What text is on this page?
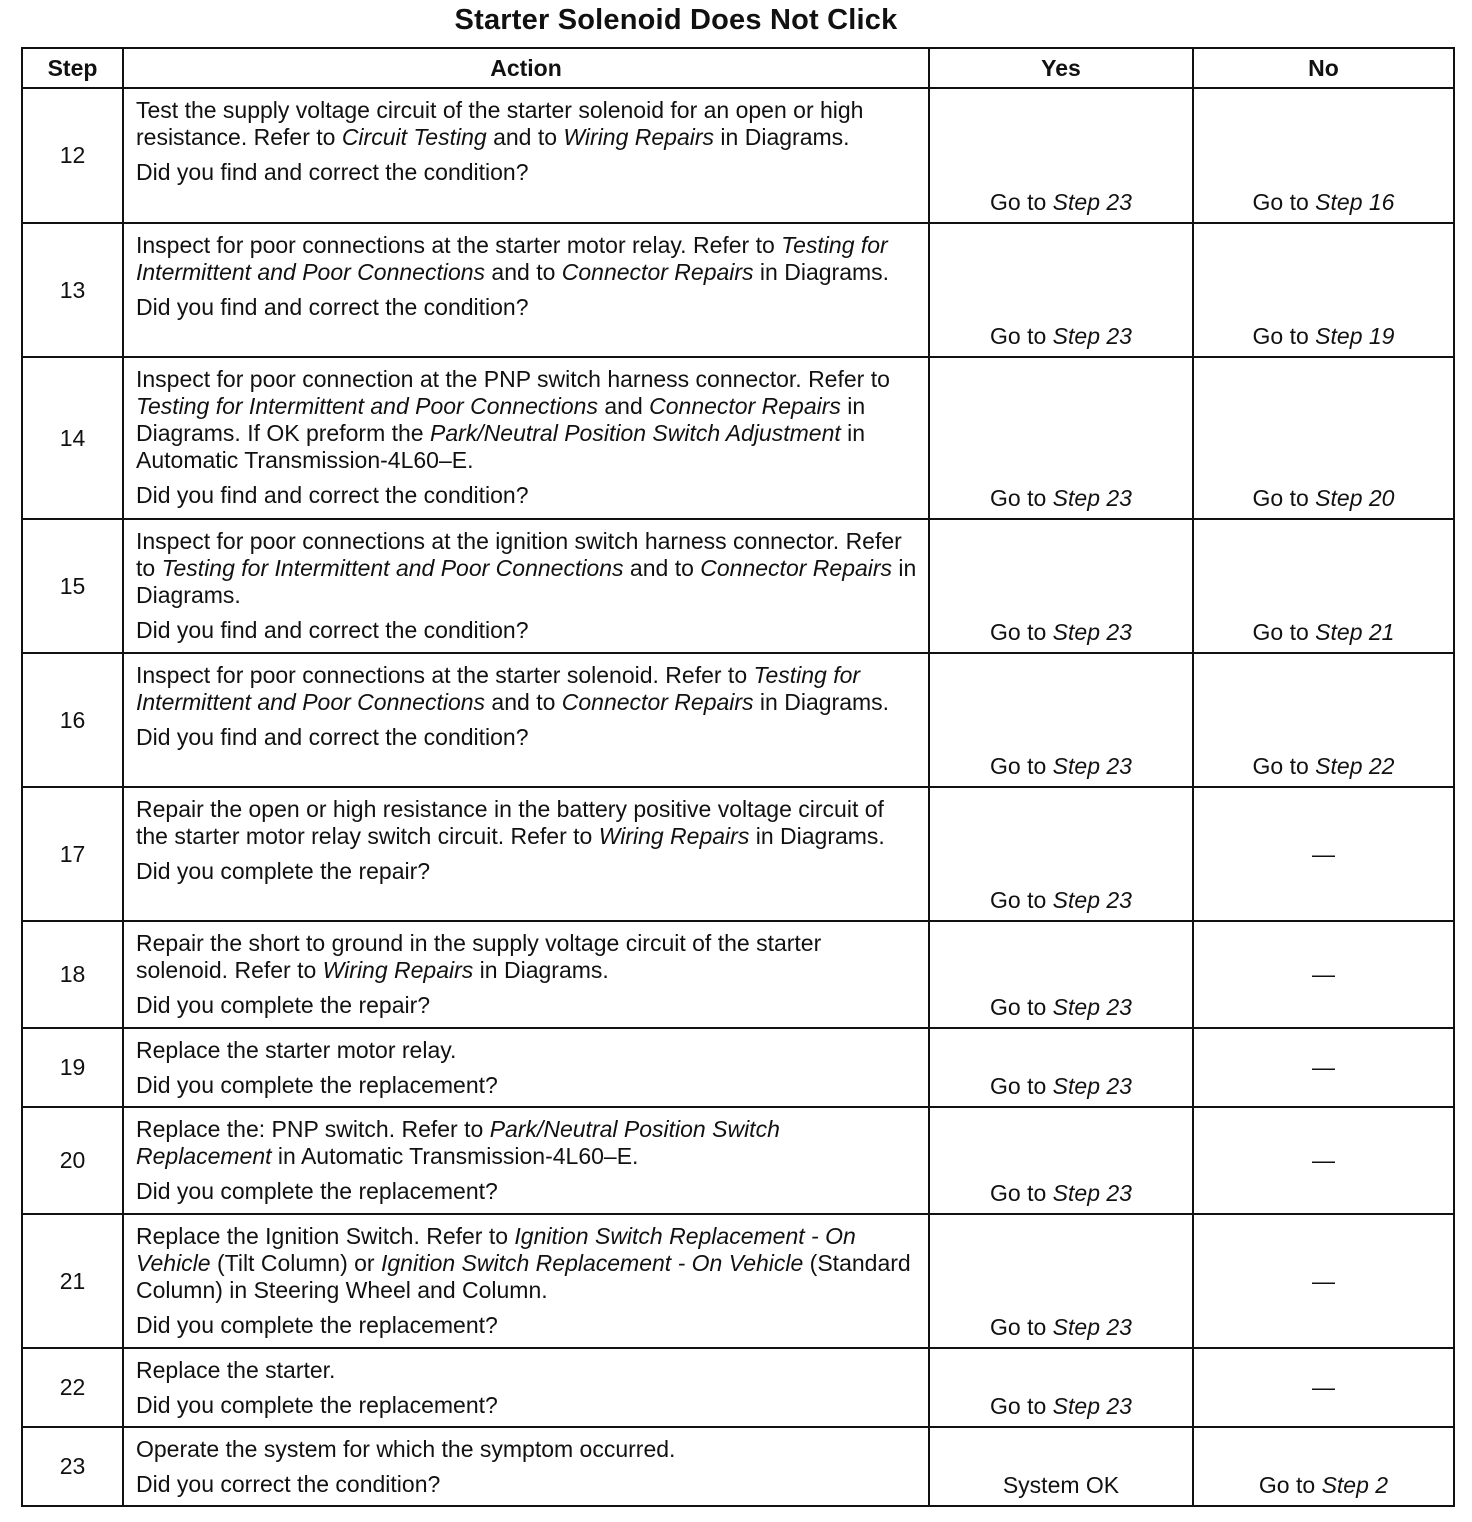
Starter Solenoid Does Not Click
Step	Action	Yes	No
12	Test the supply voltage circuit of the starter solenoid for an open or high resistance. Refer to Circuit Testing and to Wiring Repairs in Diagrams.
Did you find and correct the condition?	Go to Step 23	Go to Step 16
13	Inspect for poor connections at the starter motor relay. Refer to Testing for Intermittent and Poor Connections and to Connector Repairs in Diagrams.
Did you find and correct the condition?	Go to Step 23	Go to Step 19
14	Inspect for poor connection at the PNP switch harness connector. Refer to Testing for Intermittent and Poor Connections and Connector Repairs in Diagrams. If OK preform the Park/Neutral Position Switch Adjustment in Automatic Transmission-4L60–E.
Did you find and correct the condition?	Go to Step 23	Go to Step 20
15	Inspect for poor connections at the ignition switch harness connector. Refer to Testing for Intermittent and Poor Connections and to Connector Repairs in Diagrams.
Did you find and correct the condition?	Go to Step 23	Go to Step 21
16	Inspect for poor connections at the starter solenoid. Refer to Testing for Intermittent and Poor Connections and to Connector Repairs in Diagrams.
Did you find and correct the condition?	Go to Step 23	Go to Step 22
17	Repair the open or high resistance in the battery positive voltage circuit of the starter motor relay switch circuit. Refer to Wiring Repairs in Diagrams.
Did you complete the repair?	Go to Step 23	—
18	Repair the short to ground in the supply voltage circuit of the starter solenoid. Refer to Wiring Repairs in Diagrams.
Did you complete the repair?	Go to Step 23	—
19	Replace the starter motor relay.
Did you complete the replacement?	Go to Step 23	—
20	Replace the: PNP switch. Refer to Park/Neutral Position Switch Replacement in Automatic Transmission-4L60–E.
Did you complete the replacement?	Go to Step 23	—
21	Replace the Ignition Switch. Refer to Ignition Switch Replacement - On Vehicle (Tilt Column) or Ignition Switch Replacement - On Vehicle (Standard Column) in Steering Wheel and Column.
Did you complete the replacement?	Go to Step 23	—
22	Replace the starter.
Did you complete the replacement?	Go to Step 23	—
23	Operate the system for which the symptom occurred.
Did you correct the condition?	System OK	Go to Step 2
